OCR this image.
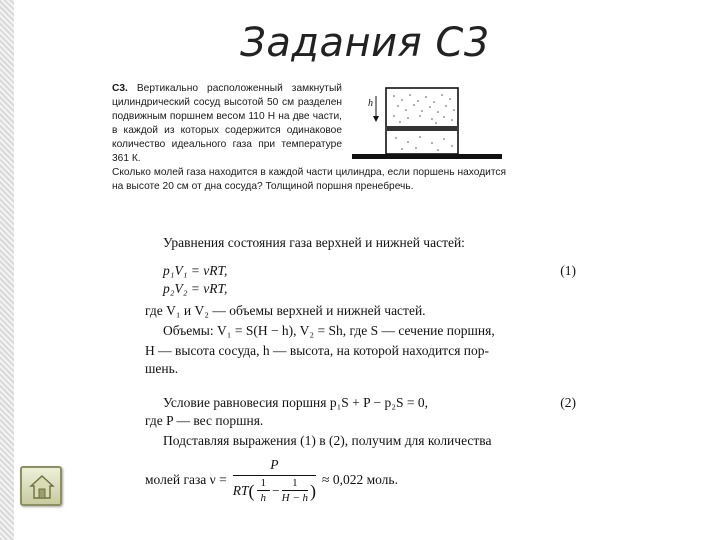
Задания С3
С3. Вертикально расположенный замкнутый цилиндрический сосуд высотой 50 см разделен подвижным поршнем весом 110 Н на две части, в каждой из которых содержится одинаковое количество идеального газа при температуре 361 К.
Сколько молей газа находится в каждой части цилиндра, если поршень находится на высоте 20 см от дна сосуда? Толщиной поршня пренебречь.
h
Уравнения состояния газа верхней и нижней частей:
p₁V₁ = νRT,	(1)
p₂V₂ = νRT,
где V₁ и V₂ — объемы верхней и нижней частей.
Объемы: V₁ = S(H − h), V₂ = Sh, где S — сечение поршня,
H — высота сосуда, h — высота, на которой находится пор-
шень.
Условие равновесия поршня p₁S + P − p₂S = 0,	(2)
где P — вес поршня.
Подставляя выражения (1) в (2), получим для количества
молей газа ν =
P
RT ( $\frac{1}{h} - \frac{1}{H - h}$ )
≈ 0,022 моль.
